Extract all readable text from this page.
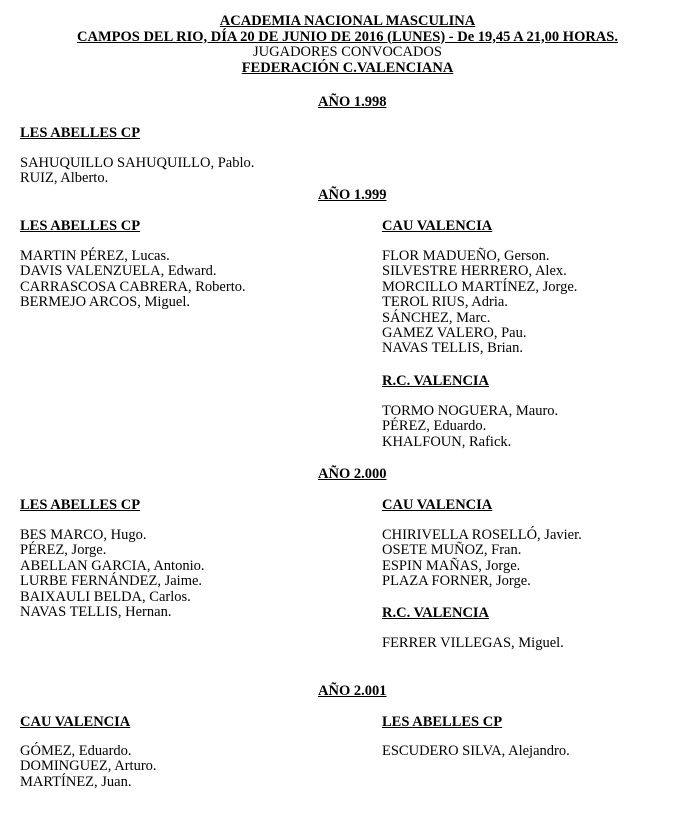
ACADEMIA NACIONAL MASCULINA
CAMPOS DEL RIO, DÍA 20 DE JUNIO DE 2016 (LUNES) - De 19,45 A 21,00 HORAS.
JUGADORES CONVOCADOS
FEDERACIÓN C.VALENCIANA
AÑO 1.998
LES ABELLES CP
SAHUQUILLO SAHUQUILLO, Pablo.
RUIZ, Alberto.
AÑO 1.999
LES ABELLES CP
MARTIN PÉREZ, Lucas.
DAVIS VALENZUELA, Edward.
CARRASCOSA CABRERA, Roberto.
BERMEJO ARCOS, Miguel.
CAU VALENCIA
FLOR MADUEÑO, Gerson.
SILVESTRE HERRERO, Alex.
MORCILLO MARTÍNEZ, Jorge.
TEROL RIUS, Adria.
SÁNCHEZ, Marc.
GAMEZ VALERO, Pau.
NAVAS TELLIS, Brian.
R.C. VALENCIA
TORMO NOGUERA, Mauro.
PÉREZ, Eduardo.
KHALFOUN, Rafick.
AÑO 2.000
LES ABELLES CP
BES MARCO, Hugo.
PÉREZ, Jorge.
ABELLAN GARCIA, Antonio.
LURBE FERNÁNDEZ, Jaime.
BAIXAULI BELDA, Carlos.
NAVAS TELLIS, Hernan.
CAU VALENCIA
CHIRIVELLA ROSELLÓ, Javier.
OSETE MUÑOZ, Fran.
ESPIN MAÑAS, Jorge.
PLAZA FORNER, Jorge.
R.C. VALENCIA
FERRER VILLEGAS, Miguel.
AÑO 2.001
CAU VALENCIA
GÓMEZ, Eduardo.
DOMINGUEZ, Arturo.
MARTÍNEZ, Juan.
LES ABELLES CP
ESCUDERO SILVA, Alejandro.
